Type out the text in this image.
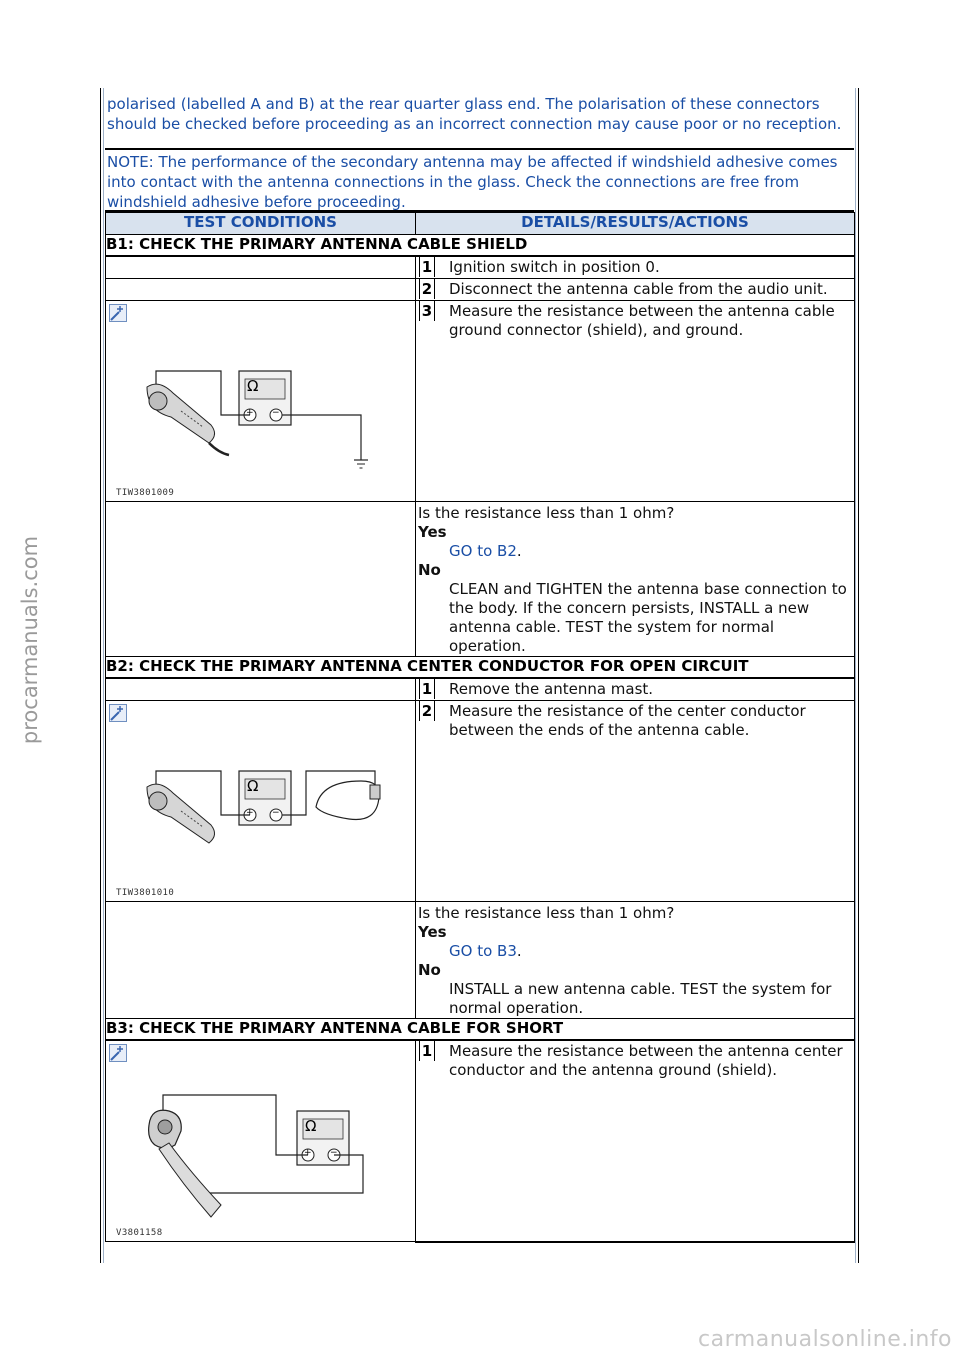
procarmanuals.com
carmanualsonline.info
polarised (labelled A and B) at the rear quarter glass end. The polarisation of these connectors should be checked before proceeding as an incorrect connection may cause poor or no reception.
NOTE: The performance of the secondary antenna may be affected if windshield adhesive comes into contact with the antenna connections in the glass. Check the connections are free from windshield adhesive before proceeding.
TEST CONDITIONS	DETAILS/RESULTS/ACTIONS
B1: CHECK THE PRIMARY ANTENNA CABLE SHIELD	

	1 Ignition switch in position 0.

	2 Disconnect the antenna cable from the audio unit.

Ω
+ −
TIW3801009	3 Measure the resistance between the antenna cable ground connector (shield), and ground.

	Is the resistance less than 1 ohm?
Yes
GO to B2.
No
CLEAN and TIGHTEN the antenna base connection to the body. If the concern persists, INSTALL a new antenna cable. TEST the system for normal operation.

B2: CHECK THE PRIMARY ANTENNA CENTER CONDUCTOR FOR OPEN CIRCUIT	

	1 Remove the antenna mast.

Ω
+ −
TIW3801010	2 Measure the resistance of the center conductor between the ends of the antenna cable.

	Is the resistance less than 1 ohm?
Yes
GO to B3.
No
INSTALL a new antenna cable. TEST the system for normal operation.

B3: CHECK THE PRIMARY ANTENNA CABLE FOR SHORT	

Ω
+ −
V3801158	1 Measure the resistance between the antenna center conductor and the antenna ground (shield).
